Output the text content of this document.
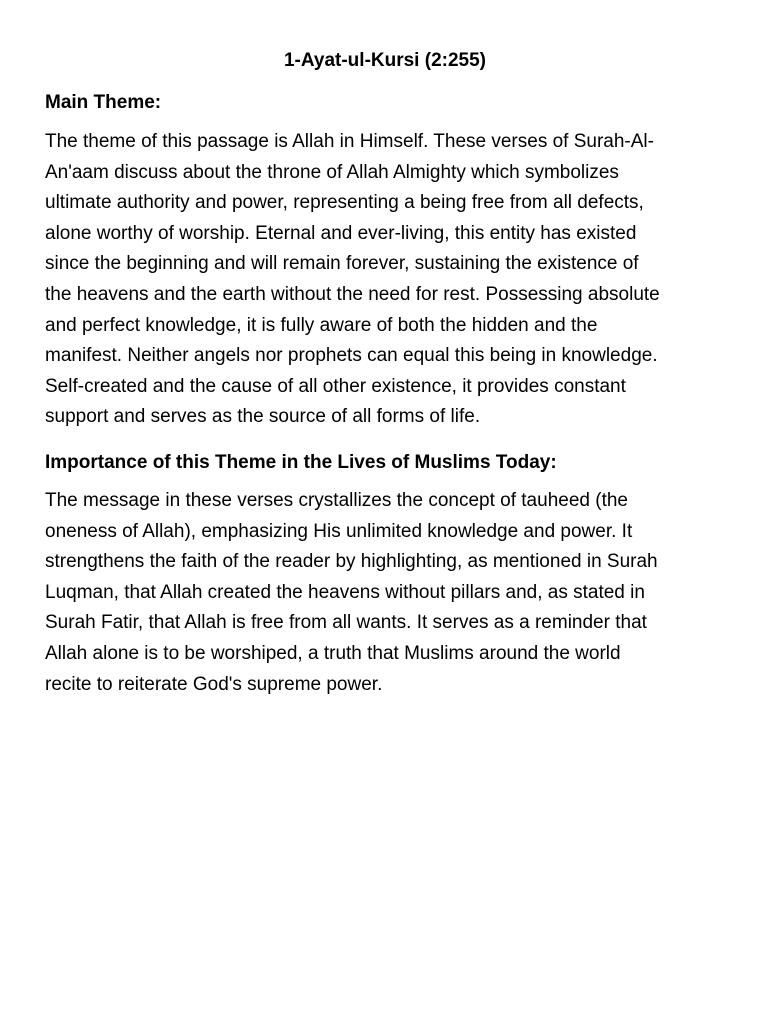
1-Ayat-ul-Kursi (2:255)
Main Theme:
The theme of this passage is Allah in Himself. These verses of Surah-Al-
An'aam discuss about the throne of Allah Almighty which symbolizes
ultimate authority and power, representing a being free from all defects,
alone worthy of worship. Eternal and ever-living, this entity has existed
since the beginning and will remain forever, sustaining the existence of
the heavens and the earth without the need for rest. Possessing absolute
and perfect knowledge, it is fully aware of both the hidden and the
manifest. Neither angels nor prophets can equal this being in knowledge.
Self-created and the cause of all other existence, it provides constant
support and serves as the source of all forms of life.
Importance of this Theme in the Lives of Muslims Today:
The message in these verses crystallizes the concept of tauheed (the
oneness of Allah), emphasizing His unlimited knowledge and power. It
strengthens the faith of the reader by highlighting, as mentioned in Surah
Luqman, that Allah created the heavens without pillars and, as stated in
Surah Fatir, that Allah is free from all wants. It serves as a reminder that
Allah alone is to be worshiped, a truth that Muslims around the world
recite to reiterate God's supreme power.
